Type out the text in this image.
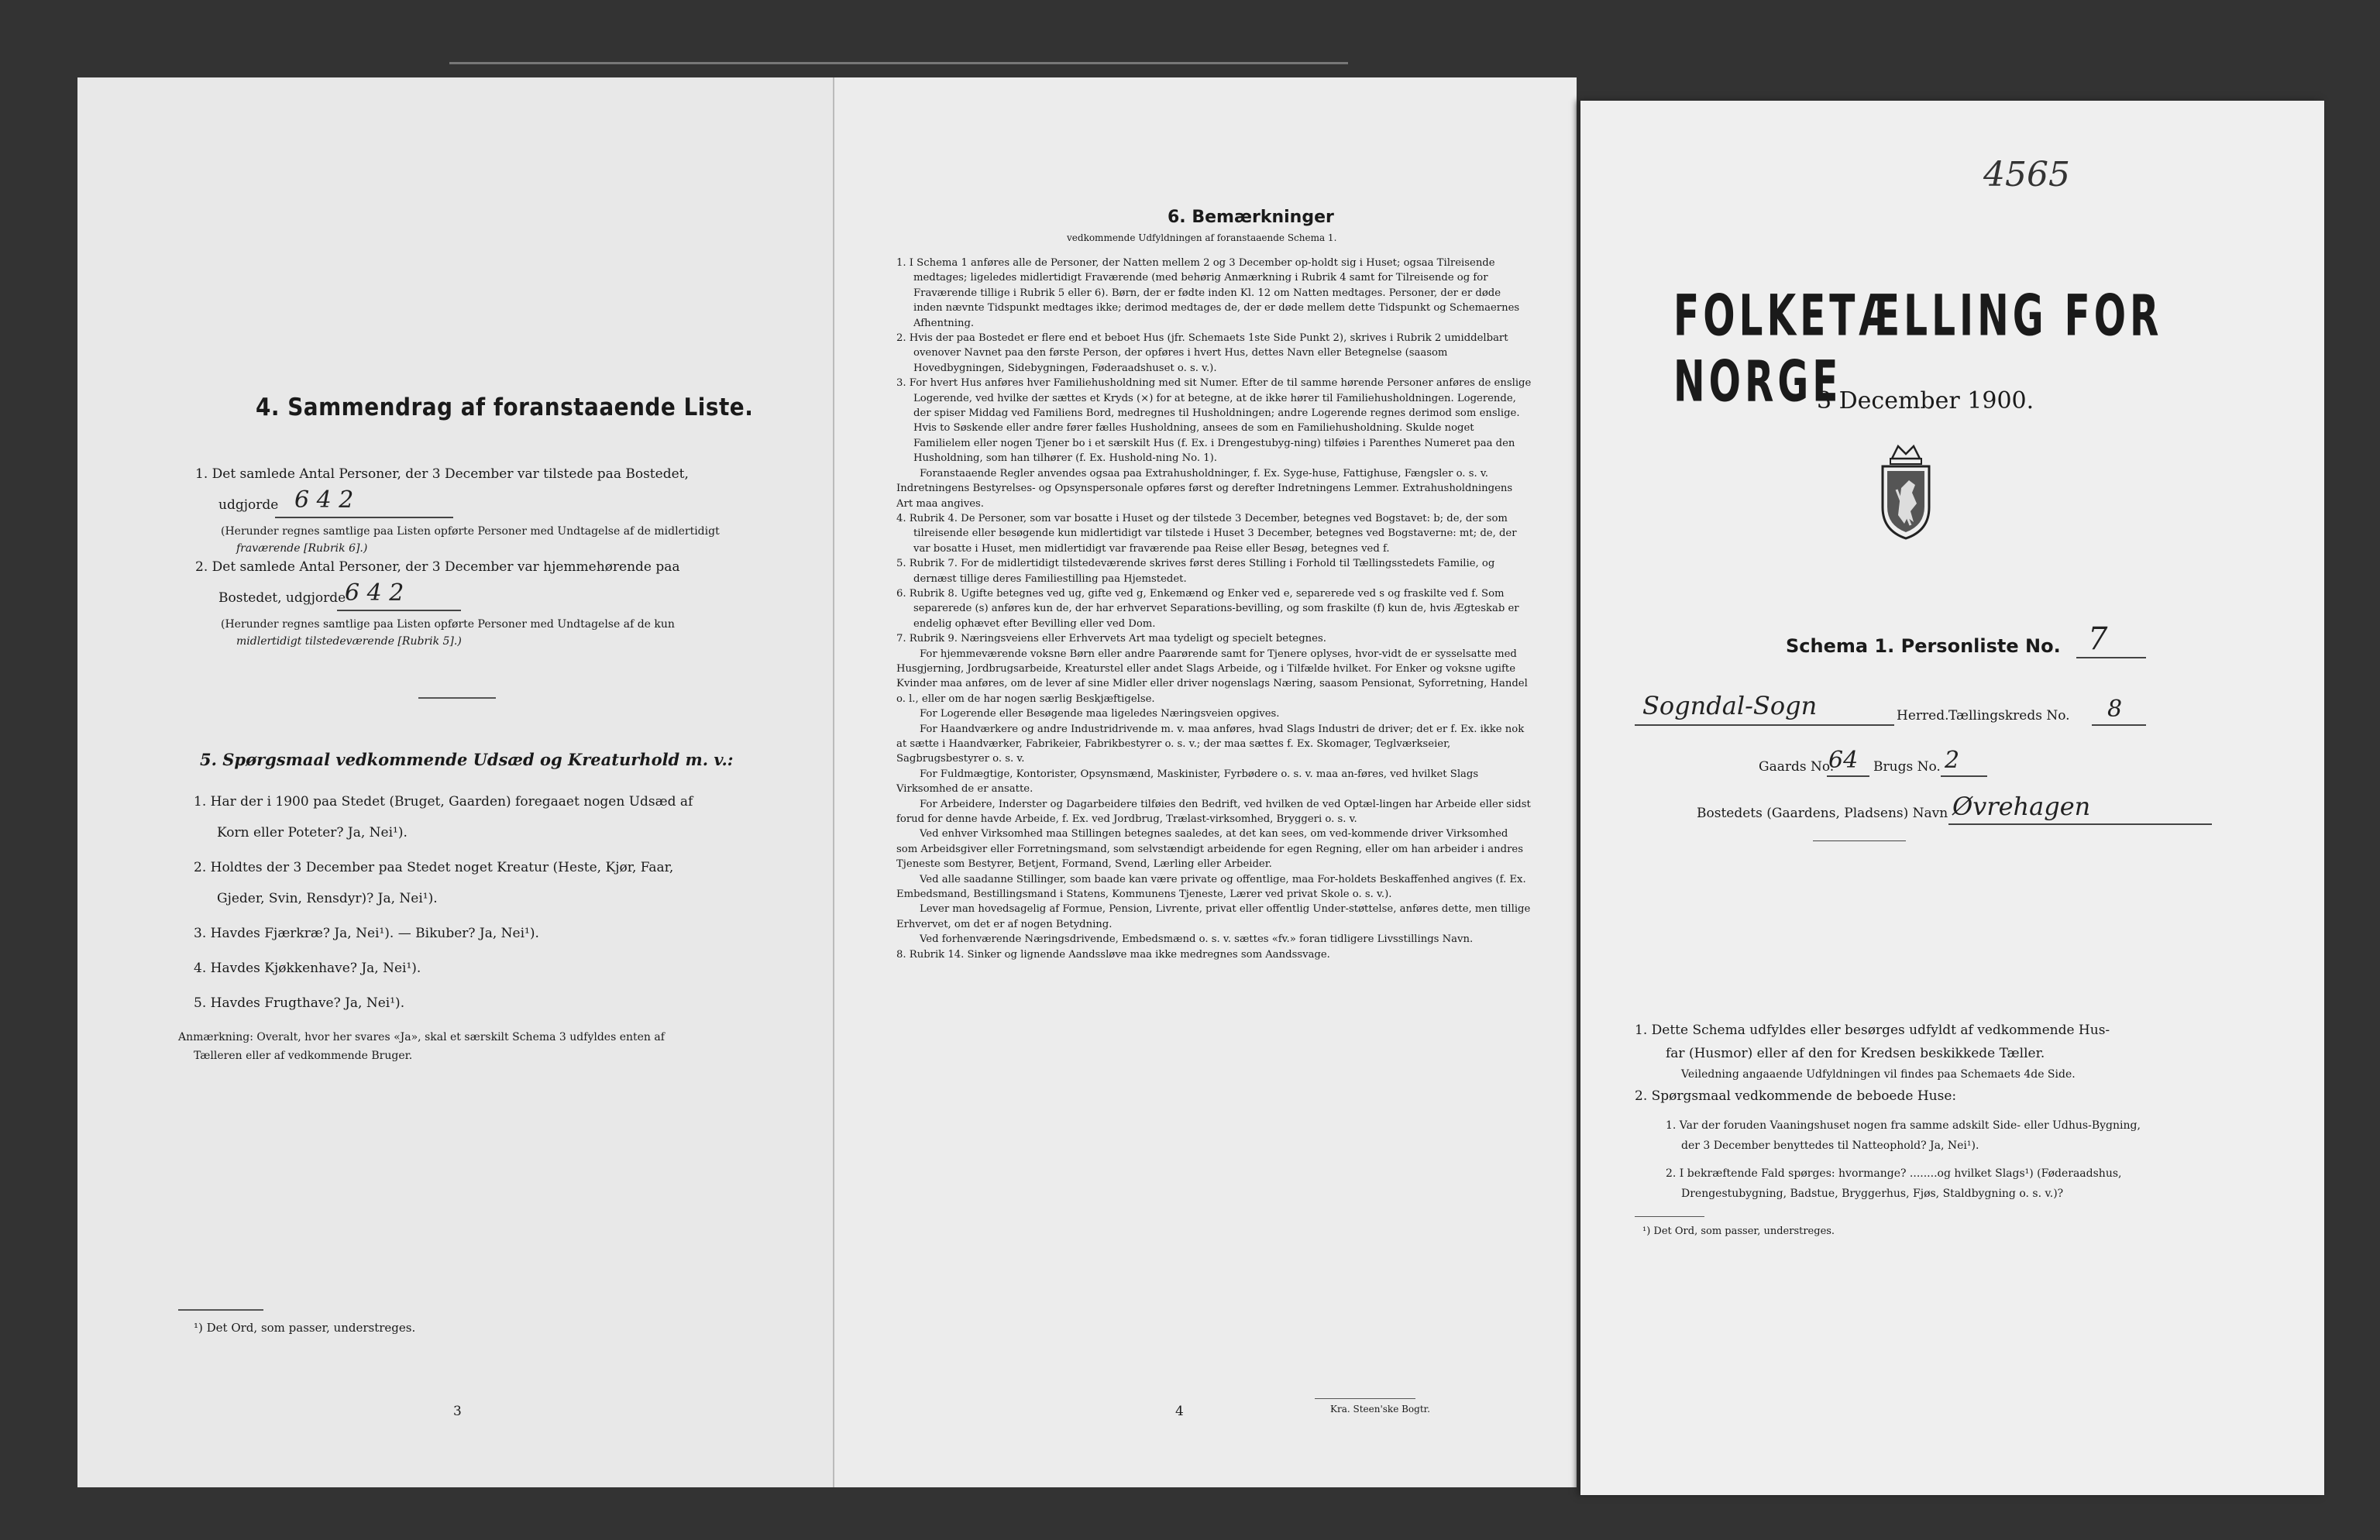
4. Sammendrag af foranstaaende Liste.
1. Det samlede Antal Personer, der 3 December var tilstede paa Bostedet,
udgjorde 6 4 2
(Herunder regnes samtlige paa Listen opførte Personer med Undtagelse af de midlertidigt
fraværende [Rubrik 6].)
2. Det samlede Antal Personer, der 3 December var hjemmehørende paa
Bostedet, udgjorde
6 4 2
(Herunder regnes samtlige paa Listen opførte Personer med Undtagelse af de kun
midlertidigt tilstedeværende [Rubrik 5].)
5. Spørgsmaal vedkommende Udsæd og Kreaturhold m. v.:
1. Har der i 1900 paa Stedet (Bruget, Gaarden) foregaaet nogen Udsæd af
Korn eller Poteter? Ja, Nei¹).
2. Holdtes der 3 December paa Stedet noget Kreatur (Heste, Kjør, Faar,
Gjeder, Svin, Rensdyr)? Ja, Nei¹).
3. Havdes Fjærkræ? Ja, Nei¹). — Bikuber? Ja, Nei¹).
4. Havdes Kjøkkenhave? Ja, Nei¹).
5. Havdes Frugthave? Ja, Nei¹).
Anmærkning: Overalt, hvor her svares «Ja», skal et særskilt Schema 3 udfyldes enten af
Tælleren eller af vedkommende Bruger.
¹) Det Ord, som passer, understreges.
3
6. Bemærkninger
vedkommende Udfyldningen af foranstaaende Schema 1.

1. I Schema 1 anføres alle de Personer, der Natten mellem 2 og 3 December op-holdt sig i Huset; ogsaa Tilreisende medtages; ligeledes midlertidigt Fraværende (med behørig Anmærkning i Rubrik 4 samt for Tilreisende og for Fraværende tillige i Rubrik 5 eller 6). Børn, der er fødte inden Kl. 12 om Natten medtages. Personer, der er døde inden nævnte Tidspunkt medtages ikke; derimod medtages de, der er døde mellem dette Tidspunkt og Schemaernes Afhentning.

2. Hvis der paa Bostedet er flere end et beboet Hus (jfr. Schemaets 1ste Side Punkt 2), skrives i Rubrik 2 umiddelbart ovenover Navnet paa den første Person, der opføres i hvert Hus, dettes Navn eller Betegnelse (saasom Hovedbygningen, Sidebygningen, Føderaadshuset o. s. v.).

3. For hvert Hus anføres hver Familiehusholdning med sit Numer. Efter de til samme hørende Personer anføres de enslige Logerende, ved hvilke der sættes et Kryds (×) for at betegne, at de ikke hører til Familiehusholdningen. Logerende, der spiser Middag ved Familiens Bord, medregnes til Husholdningen; andre Logerende regnes derimod som enslige. Hvis to Søskende eller andre fører fælles Husholdning, ansees de som en Familiehusholdning. Skulde noget Familielem eller nogen Tjener bo i et særskilt Hus (f. Ex. i Drengestubyg-ning) tilføies i Parenthes Numeret paa den Husholdning, som han tilhører (f. Ex. Hushold-ning No. 1).

Foranstaaende Regler anvendes ogsaa paa Extrahusholdninger, f. Ex. Syge-huse, Fattighuse, Fængsler o. s. v. Indretningens Bestyrelses- og Opsynspersonale opføres først og derefter Indretningens Lemmer. Extrahusholdningens Art maa angives.

4. Rubrik 4. De Personer, som var bosatte i Huset og der tilstede 3 December, betegnes ved Bogstavet: b; de, der som tilreisende eller besøgende kun midlertidigt var tilstede i Huset 3 December, betegnes ved Bogstaverne: mt; de, der var bosatte i Huset, men midlertidigt var fraværende paa Reise eller Besøg, betegnes ved f.

5. Rubrik 7. For de midlertidigt tilstedeværende skrives først deres Stilling i Forhold til Tællingsstedets Familie, og dernæst tillige deres Familiestilling paa Hjemstedet.

6. Rubrik 8. Ugifte betegnes ved ug, gifte ved g, Enkemænd og Enker ved e, separerede ved s og fraskilte ved f. Som separerede (s) anføres kun de, der har erhvervet Separations-bevilling, og som fraskilte (f) kun de, hvis Ægteskab er endelig ophævet efter Bevilling eller ved Dom.

7. Rubrik 9. Næringsveiens eller Erhvervets Art maa tydeligt og specielt betegnes.

For hjemmeværende voksne Børn eller andre Paarørende samt for Tjenere oplyses, hvor-vidt de er sysselsatte med Husgjerning, Jordbrugsarbeide, Kreaturstel eller andet Slags Arbeide, og i Tilfælde hvilket. For Enker og voksne ugifte Kvinder maa anføres, om de lever af sine Midler eller driver nogenslags Næring, saasom Pensionat, Syforretning, Handel o. l., eller om de har nogen særlig Beskjæftigelse.

For Logerende eller Besøgende maa ligeledes Næringsveien opgives.

For Haandværkere og andre Industridrivende m. v. maa anføres, hvad Slags Industri de driver; det er f. Ex. ikke nok at sætte i Haandværker, Fabrikeier, Fabrikbestyrer o. s. v.; der maa sættes f. Ex. Skomager, Teglværkseier, Sagbrugsbestyrer o. s. v.

For Fuldmægtige, Kontorister, Opsynsmænd, Maskinister, Fyrbødere o. s. v. maa an-føres, ved hvilket Slags Virksomhed de er ansatte.

For Arbeidere, Inderster og Dagarbeidere tilføies den Bedrift, ved hvilken de ved Optæl-lingen har Arbeide eller sidst forud for denne havde Arbeide, f. Ex. ved Jordbrug, Trælast-virksomhed, Bryggeri o. s. v.

Ved enhver Virksomhed maa Stillingen betegnes saaledes, at det kan sees, om ved-kommende driver Virksomhed som Arbeidsgiver eller Forretningsmand, som selvstændigt arbeidende for egen Regning, eller om han arbeider i andres Tjeneste som Bestyrer, Betjent, Formand, Svend, Lærling eller Arbeider.

Ved alle saadanne Stillinger, som baade kan være private og offentlige, maa For-holdets Beskaffenhed angives (f. Ex. Embedsmand, Bestillingsmand i Statens, Kommunens Tjeneste, Lærer ved privat Skole o. s. v.).

Lever man hovedsagelig af Formue, Pension, Livrente, privat eller offentlig Under-støttelse, anføres dette, men tillige Erhvervet, om det er af nogen Betydning.

Ved forhenværende Næringsdrivende, Embedsmænd o. s. v. sættes «fv.» foran tidligere Livsstillings Navn.

8. Rubrik 14. Sinker og lignende Aandssløve maa ikke medregnes som Aandssvage.

4	Kra. Steen'ske Bogtr.
4565
FOLKETÆLLING FOR NORGE
3 December 1900.
Schema 1. Personliste No. 7
Sogndal-Sogn	Herred. Tællingskreds No. 8
Gaards No.
64 Brugs No. 2
Bostedets (Gaardens, Pladsens) Navn Øvrehagen
1. Dette Schema udfyldes eller besørges udfyldt af vedkommende Hus-
far (Husmor) eller af den for Kredsen beskikkede Tæller.
Veiledning angaaende Udfyldningen vil findes paa Schemaets 4de Side.
2. Spørgsmaal vedkommende de beboede Huse:
1. Var der foruden Vaaningshuset nogen fra samme adskilt Side- eller Udhus-Bygning,
der 3 December benyttedes til Natteophold? Ja, Nei¹).
2. I bekræftende Fald spørges: hvormange? ........og hvilket Slags¹) (Føderaadshus,
Drengestubygning, Badstue, Bryggerhus, Fjøs, Staldbygning o. s. v.)?
¹) Det Ord, som passer, understreges.
